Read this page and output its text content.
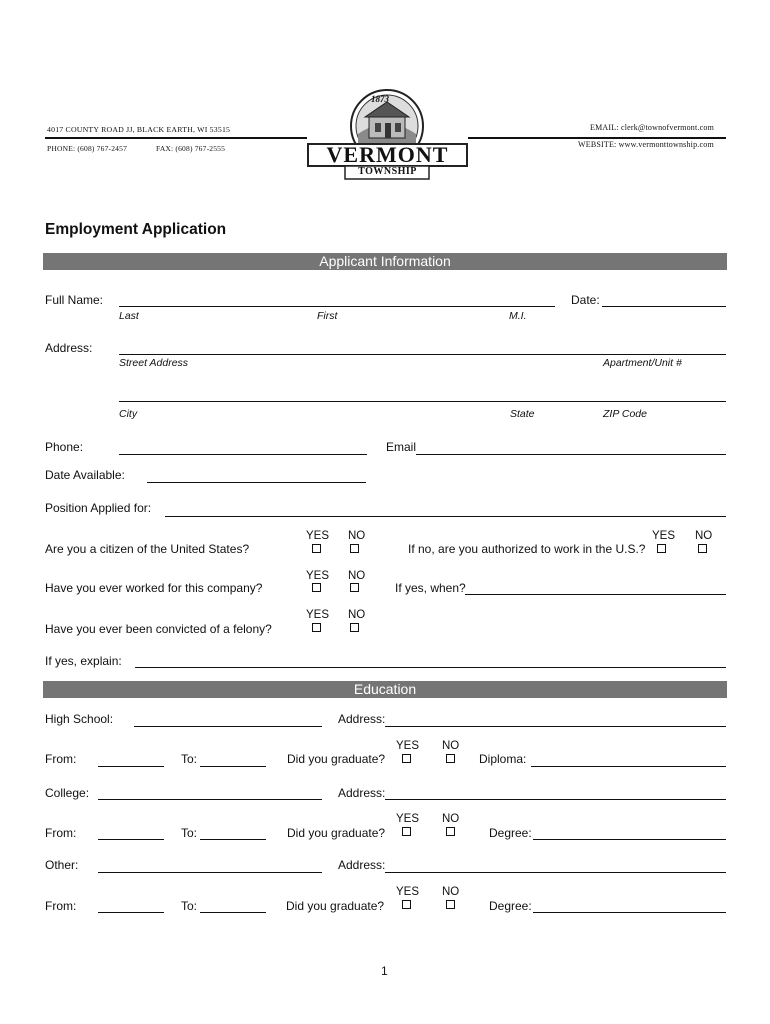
4017 COUNTY ROAD JJ, BLACK EARTH, WI 53515
PHONE: (608) 767-2457	FAX: (608) 767-2555
EMAIL: clerk@townofvermont.com
WEBSITE: www.vermonttownship.com
1873
VERMONT
TOWNSHIP
Employment Application
Applicant Information
Full Name:
Last	First	M.I.
Date:
Address:
Street Address	Apartment/Unit #
City	State	ZIP Code
Phone:	Email
Date Available:
Position Applied for:
YES NO
Are you a citizen of the United States?
YES NO
If no, are you authorized to work in the U.S.?
YES NO
Have you ever worked for this company?	If yes, when?
YES NO
Have you ever been convicted of a felony?
If yes, explain:
Education
High School:	Address:
From:	To:
YES NO
Did you graduate?	Diploma:
College:	Address:
From:	To:
YES NO
Did you graduate?	Degree:
Other:	Address:
From:	To:
YES NO
Did you graduate?	Degree:
1
